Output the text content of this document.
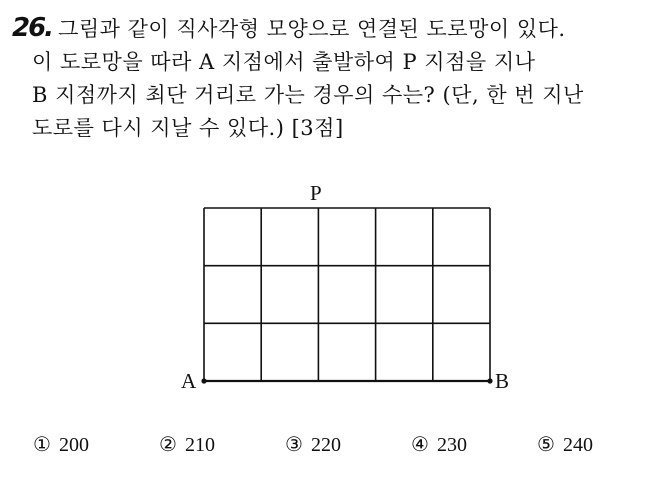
26. 그림과 같이 직사각형 모양으로 연결된 도로망이 있다.
이 도로망을 따라 A 지점에서 출발하여 P 지점을 지나
B 지점까지 최단 거리로 가는 경우의 수는? (단, 한 번 지난
도로를 다시 지날 수 있다.) [3점]
P
A	B
① 200	② 210	③ 220	④ 230	⑤ 240
